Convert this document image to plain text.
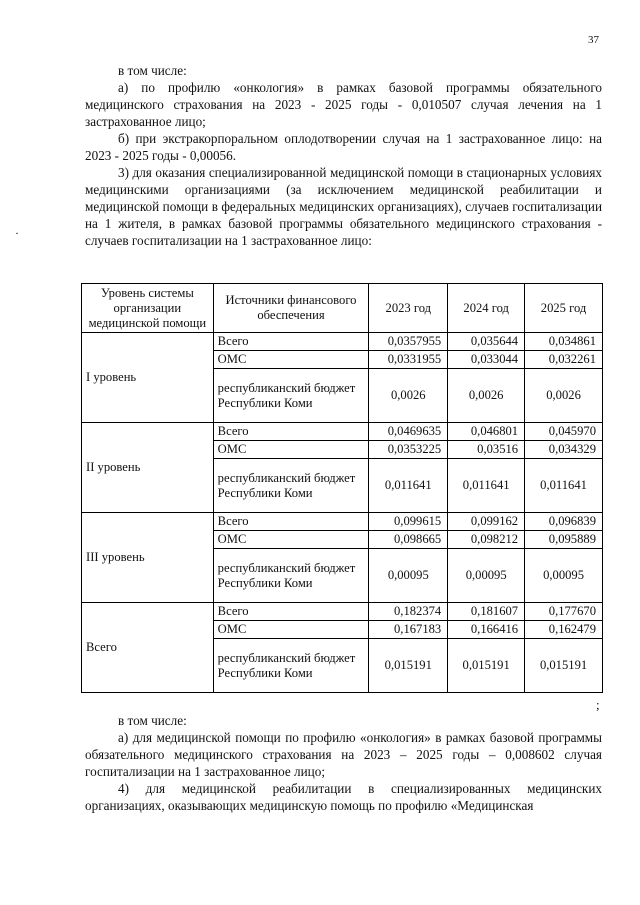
37
·

в том числе:

а) по профилю «онкология» в рамках базовой программы обязательного медицинского страхования на 2023 - 2025 годы - 0,010507 случая лечения на 1 застрахованное лицо;

б) при экстракорпоральном оплодотворении случая на 1 застрахованное лицо: на 2023 - 2025 годы - 0,00056.

3) для оказания специализированной медицинской помощи в стационарных условиях медицинскими организациями (за исключением медицинской реабилитации и медицинской помощи в федеральных медицинских организациях), случаев госпитализации на 1 жителя, в рамках базовой программы обязательного медицинского страхования - случаев госпитализации на 1 застрахованное лицо:

Уровень системы организации медицинской помощи	Источники финансового обеспечения	2023 год	2024 год	2025 год
I уровень	Всего	0,0357955	0,035644	0,034861
	ОМС	0,0331955	0,033044	0,032261
	республиканский бюджет Республики Коми	0,0026	0,0026	0,0026
II уровень	Всего	0,0469635	0,046801	0,045970
	ОМС	0,0353225	0,03516	0,034329
	республиканский бюджет Республики Коми	0,011641	0,011641	0,011641
III уровень	Всего	0,099615	0,099162	0,096839
	ОМС	0,098665	0,098212	0,095889
	республиканский бюджет Республики Коми	0,00095	0,00095	0,00095
Всего	Всего	0,182374	0,181607	0,177670
	ОМС	0,167183	0,166416	0,162479
	республиканский бюджет Республики Коми	0,015191	0,015191	0,015191
;

в том числе:

а) для медицинской помощи по профилю «онкология» в рамках базовой программы обязательного медицинского страхования на 2023 – 2025 годы – 0,008602 случая госпитализации на 1 застрахованное лицо;

4) для медицинской реабилитации в специализированных медицинских организациях, оказывающих медицинскую помощь по профилю «Медицинская
